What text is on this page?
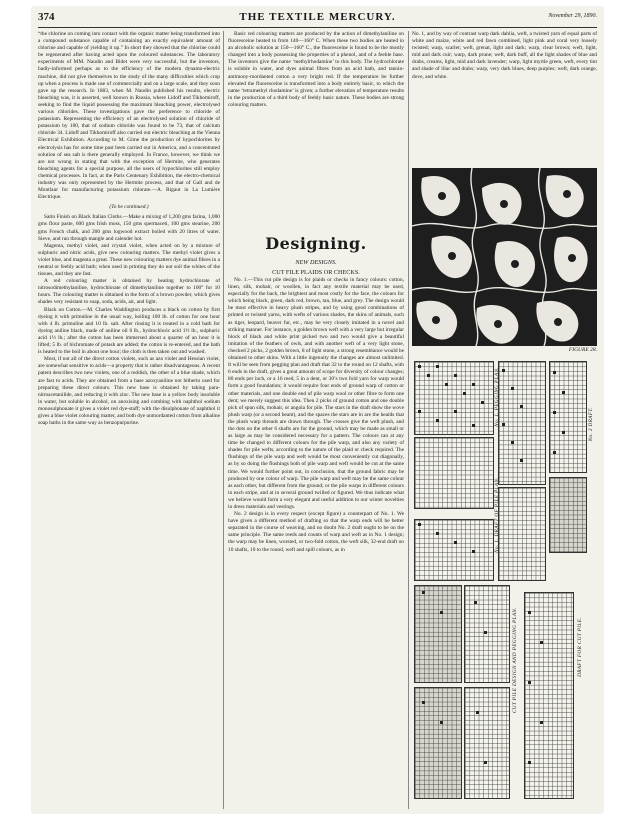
374	THE TEXTILE MERCURY.	November 29, 1890.

“the chlorine on coming into contact with the organic matter being transformed into a compound substance capable of containing an exactly equivalent amount of chlorine and capable of yielding it up.” In short they showed that the chlorine could be regenerated after having acted upon the coloured substances. The laboratory experiments of MM. Naudin and Bidet were very successful, but the inventors, badly-informed perhaps as to the efficiency of the modern dynamo-electric machine, did not give themselves to the study of the many difficulties which crop up when a process is made use of commercially and on a large scale, and they soon gave up the research. In 1883, when M. Naudin published his results, electric bleaching was, it is asserted, well known in Russia, where Lidoff and Tikhomiroff, seeking to find the liquid possessing the maximum bleaching power, electrolysed various chlorides. These investigations gave the preference to chloride of potassium. Representing the efficiency of an electrolysed solution of chloride of potassium by 100, that of sodium chloride was found to be 73, that of calcium chloride 34. Lidoff and Tikhomiroff also carried out electric bleaching at the Vienna Electrical Exhibition. According to M. Gime the production of hypochlorites by electrolysis has for some time past been carried out in America, and a concentrated solution of sea salt is there generally employed. In France, however, we think we are not wrong in stating that with the exception of Hermite, who generates bleaching agents for a special purpose, all the users of hypochlorites still employ chemical processes. In fact, at the Paris Centenary Exhibition, the electro-chemical industry was only represented by the Hermite process, and that of Gall and de Montlaur for manufacturing potassium chlorate.—A. Rigaut in La Lumière Electrique.

(To be continued.)

Satin Finish on Black Italian Cloths.—Make a mixing of 1,200 gms farina, 1,000 gms flour paste, 600 gms Irish moss, 150 gms spermaceti, 100 gms stearine, 200 gms French chalk, and 200 gms logwood extract boiled with 20 litres of water. Sieve, and run through mangle and calender hot.

Magenta, methyl violet, and crystal violet, when acted on by a mixture of sulphuric and nitric acids, give new colouring matters. The methyl violet gives a violet blue, and magenta a great. These new colouring matters dye animal fibres in a neutral or feebly acid bath; when used in printing they do not soil the whites of the tissues, and they are fast.

A red colouring matter is obtained by heating hydrochlorate of nitrosodimethylaniline, hydrochlorate of dimethylaniline together to 100° for 10 hours. The colouring matter is obtained in the form of a brown powder, which gives shades very resistant to soap, soda, acids, air, and light.

Black on Cotton.—M. Charles Waddington produces a black on cotton by first dyeing it with primuline in the usual way, boiling 100 lb. of cotton for one hour with 4 lb. primuline and 10 lb. salt. After rinsing it is treated in a cold bath for dyeing aniline black, made of aniline oil 6 lb., hydrochloric acid 1½ lb., sulphuric acid 1½ lb.; after the cotton has been immersed about a quarter of an hour it is lifted; 5 lb. of bichromate of potash are added; the cotton is re-entered, and the bath is heated to the boil in about one hour; the cloth is then taken out and washed.

Most, if not all of the direct cotton violets, such as azo violet and Hessian violet, are somewhat sensitive to acids—a property that is rather disadvantageous. A recent patent describes two new violets, one of a reddish, the other of a blue shade, which are fast to acids. They are obtained from a base azoxyaniline not hitherto used for preparing these direct colours. This new base is obtained by taking para-nitroacetanilide, and reducing it with zinc. The new base is a yellow body insoluble in water, but soluble in alcohol, on anoxising and combing with naphthol sodium monosulphonate it gives a violet red dye-stuff; with the disulphonate of naphthol it gives a blue violet colouring matter, and both dye unmordanted cotton from alkaline soap baths in the same way as benzopurpurine.

Basic red colouring matters are produced by the action of dimethylaniline on fluoresceine heated to from 140—160° C. When these two bodies are heated in an alcoholic solution at 150—160° C., the fluoresceine is found to be the mostly changed into a body possessing the properties of a phenol, and of a feeble base. The inventors give the name ‘methylrhodamine’ to this body. The hydrochlorate is soluble in water, and dyes animal fibres from an acid bath, and tannin-antimony-mordanted cotton a very bright red. If the temperature be further elevated the fluoresceine is transformed into a body entirely basic, to which the name ‘tetramethyl rhodamine’ is given; a further elevation of temperature results in the production of a third body of feebly basic nature. These bodies are strong colouring matters.

Designing.
NEW DESIGNS.
CUT FILE PLAIDS OR CHECKS.

No. 1.—This cut pile design is for plaids or checks in fancy colours: cotton, linen, silk, mohair, or woollen, in fact any textile material may be used, especially for the back, the brightest and most costly for the face, the colours for which being black, green, dark red, brown, tan, blue, and grey. The design would be most effective in heavy plush stripes, and by using good combinations of printed or twisted yarns, with wefts of various shades, the skins of animals, such as tiger, leopard, beaver fur, etc., may be very closely imitated in a novel and striking manner. For instance, a golden brown weft with a very large but irregular block of black and white print picked two and two would give a beautiful imitation of the feathers of owls, and with another weft of a very light stone, checked 2 picks, 2 golden brown, 8 of light stone, a strong resemblance would be obtained to other skins. With a little ingenuity the changes are almost unlimited. It will be seen from pegging plan and draft that 32 to the round on 12 shafts, with 6 ends in the draft, gives a great amount of scope for diversity of colour changes; 80 ends per inch, or a 16 reed, 5 in a dent, or 30’s two fold yarn for warp would form a good foundation; it would require four ends of ground warp of cotton or other materials, and one double end of pile warp wool or other fibre to form one dent; we merely suggest this idea. Then 2 picks of ground cotton and one double pick of spun silk, mohair, or angola for pile. The stars in the draft show the wove plush warp (or a second beam), and the spaces the stars are in are the healds that the plush warp threads are drawn through. The crosses give the weft plush, and the dots on the other 6 shafts are for the ground, which may be made as small or as large as may be considered necessary for a pattern. The colours can at any time be changed to different colours for the pile warp, and also any variety of shades for pile wefts, according to the nature of the plaid or check required. The flushings of the pile warp and weft would be most conveniently cut diagonally, as by so doing the flushings both of pile warp and weft would be cut at the same time. We would further point out, in conclusion, that the ground fabric may be produced by one colour of warp. The pile warp and weft may be the same colour as each other, but different from the ground; or the pile warps in different colours in each stripe, and at in several ground twilled or figured. We thus indicate what we believe would form a very elegant and useful addition to our winter novelties in dress materials and vestings.

No. 2 design is in every respect (except figure) a counterpart of No. 1. We have given a different method of drafting so that the warp ends will be better separated in the course of weaving, and no doubt No. 2 draft ought to be on the same principle. The same reeds and counts of warp and weft as in No. 1 design; the warp may be linen, worsted, or two-fold cotton, the weft silk, 32-end draft on 10 shafts, 10 to the round, weft and spill colours, as in

No. 1, and by way of contrast warp dark dahlia, weft, a twisted yarn of equal parts of white and maize, white and red fawn combined, light pink and coral very loosely twisted; warp, scarlet; weft, grenat, light and dark; warp, clear brown; weft, light, mid and dark cuir; warp, dark prune; weft, dark buff, all the light shades of blue and drabs, creams, light, mid and dark lavender; warp, light myrtle green, weft, every tint and shade of lilac and drabs; warp, very dark blues, deep purples; weft, dark orange, dove, and white.

FIGURE 28.
No. 1. PEGGING PLAN.	No. 2 DRAFT.
No. 1. DRAFT OF PILE PLAN.
CUT PILE DESIGN AND PEGGING PLAN.	DRAFT FOR CUT PILE.
